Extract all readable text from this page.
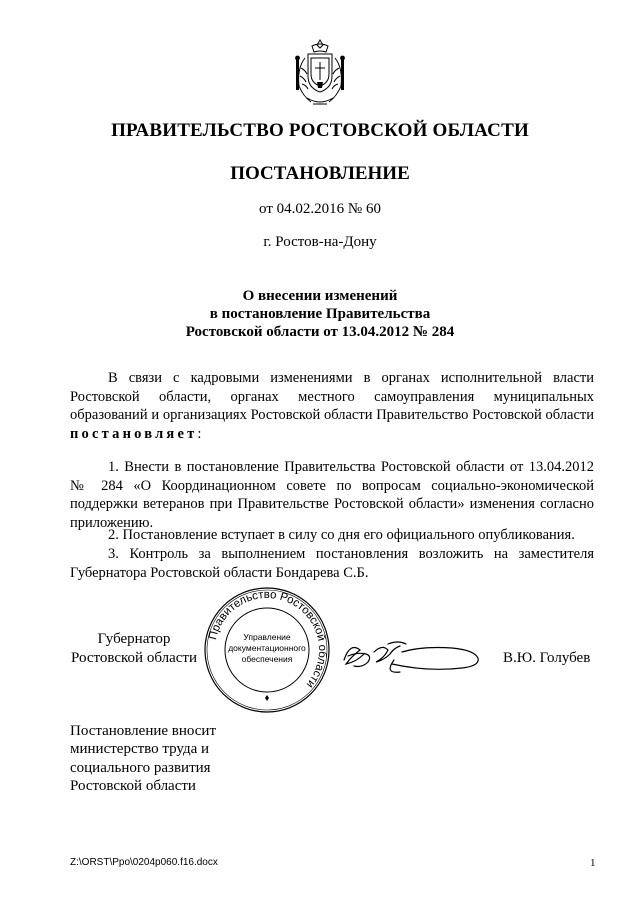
ПРАВИТЕЛЬСТВО РОСТОВСКОЙ ОБЛАСТИ
ПОСТАНОВЛЕНИЕ
от 04.02.2016 № 60
г. Ростов-на-Дону
О внесении изменений
в постановление Правительства
Ростовской области от 13.04.2012 № 284
В связи с кадровыми изменениями в органах исполнительной власти Ростовской области, органах местного самоуправления муниципальных образований и организациях Ростовской области Правительство Ростовской области постановляет:
1. Внести в постановление Правительства Ростовской области от 13.04.2012 № 284 «О Координационном совете по вопросам социально-экономической поддержки ветеранов при Правительстве Ростовской области» изменения согласно приложению.
2. Постановление вступает в силу со дня его официального опубликования.
3. Контроль за выполнением постановления возложить на заместителя Губернатора Ростовской области Бондарева С.Б.
Губернатор
Ростовской области
Правительство Ростовской области
Управление
документационного
обеспечения	В.Ю. Голубев
Постановление вносит
министерство труда и
социального развития
Ростовской области
Z:\ORST\Ppo\0204p060.f16.docx	1
